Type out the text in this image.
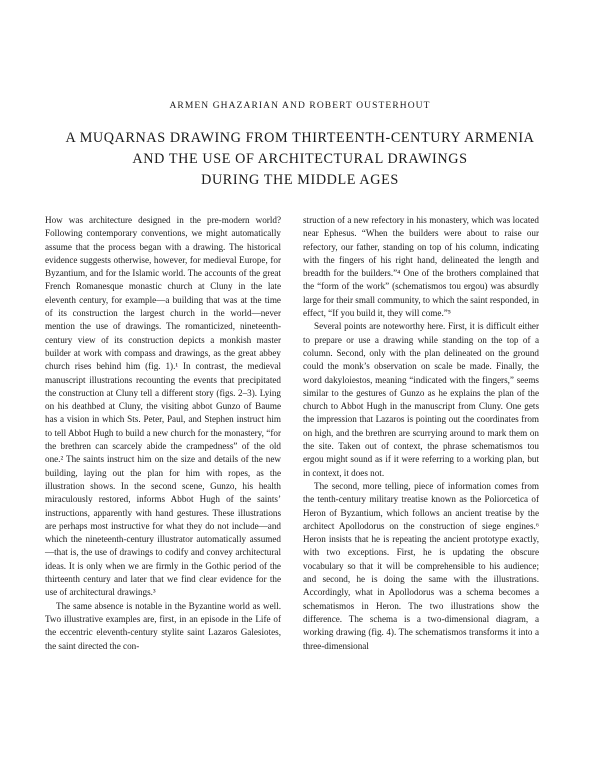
ARMEN GHAZARIAN AND ROBERT OUSTERHOUT
A MUQARNAS DRAWING FROM THIRTEENTH-CENTURY ARMENIA
AND THE USE OF ARCHITECTURAL DRAWINGS
DURING THE MIDDLE AGES

How was architecture designed in the pre-modern world? Following contemporary conventions, we might automatically assume that the process began with a drawing. The historical evidence suggests otherwise, however, for medieval Europe, for Byzantium, and for the Islamic world. The accounts of the great French Romanesque monastic church at Cluny in the late eleventh century, for example—a building that was at the time of its construction the largest church in the world—never mention the use of drawings. The romanticized, nineteenth-century view of its construction depicts a monkish master builder at work with compass and drawings, as the great abbey church rises behind him (fig. 1).¹ In contrast, the medieval manuscript illustrations recounting the events that precipitated the construction at Cluny tell a different story (figs. 2–3). Lying on his deathbed at Cluny, the visiting abbot Gunzo of Baume has a vision in which Sts. Peter, Paul, and Stephen instruct him to tell Abbot Hugh to build a new church for the monastery, “for the brethren can scarcely abide the crampedness” of the old one.² The saints instruct him on the size and details of the new building, laying out the plan for him with ropes, as the illustration shows. In the second scene, Gunzo, his health miraculously restored, informs Abbot Hugh of the saints’ instructions, apparently with hand gestures. These illustrations are perhaps most instructive for what they do not include—and which the nineteenth-century illustrator automatically assumed—that is, the use of drawings to codify and convey architectural ideas. It is only when we are firmly in the Gothic period of the thirteenth century and later that we find clear evidence for the use of architectural drawings.³

The same absence is notable in the Byzantine world as well. Two illustrative examples are, first, in an episode in the Life of the eccentric eleventh-century stylite saint Lazaros Galesiotes, the saint directed the con-

struction of a new refectory in his monastery, which was located near Ephesus. “When the builders were about to raise our refectory, our father, standing on top of his column, indicating with the fingers of his right hand, delineated the length and breadth for the builders.”⁴ One of the brothers complained that the “form of the work” (schematismos tou ergou) was absurdly large for their small community, to which the saint responded, in effect, “If you build it, they will come.”⁵

Several points are noteworthy here. First, it is difficult either to prepare or use a drawing while standing on the top of a column. Second, only with the plan delineated on the ground could the monk’s observation on scale be made. Finally, the word dakyloiestos, meaning “indicated with the fingers,” seems similar to the gestures of Gunzo as he explains the plan of the church to Abbot Hugh in the manuscript from Cluny. One gets the impression that Lazaros is pointing out the coordinates from on high, and the brethren are scurrying around to mark them on the site. Taken out of context, the phrase schematismos tou ergou might sound as if it were referring to a working plan, but in context, it does not.

The second, more telling, piece of information comes from the tenth-century military treatise known as the Poliorcetica of Heron of Byzantium, which follows an ancient treatise by the architect Apollodorus on the construction of siege engines.⁶ Heron insists that he is repeating the ancient prototype exactly, with two exceptions. First, he is updating the obscure vocabulary so that it will be comprehensible to his audience; and second, he is doing the same with the illustrations. Accordingly, what in Apollodorus was a schema becomes a schematismos in Heron. The two illustrations show the difference. The schema is a two-dimensional diagram, a working drawing (fig. 4). The schematismos transforms it into a three-dimensional
